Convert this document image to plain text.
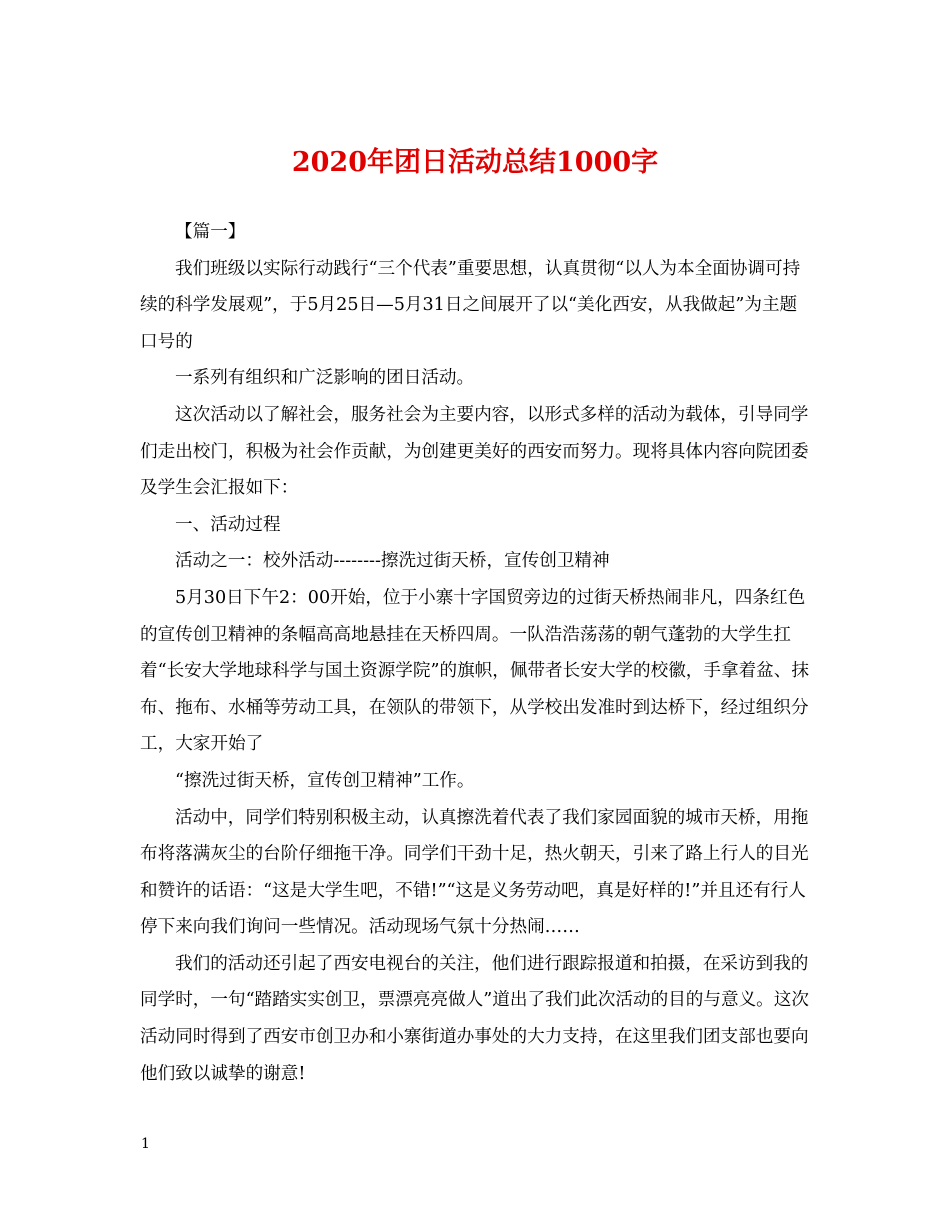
2020年团日活动总结1000字

【篇一】

我们班级以实际行动践行“三个代表”重要思想，认真贯彻“以人为本全面协调可持续的科学发展观”，于5月25日—5月31日之间展开了以“美化西安，从我做起”为主题口号的

一系列有组织和广泛影响的团日活动。

这次活动以了解社会，服务社会为主要内容，以形式多样的活动为载体，引导同学们走出校门，积极为社会作贡献，为创建更美好的西安而努力。现将具体内容向院团委及学生会汇报如下：

一、活动过程

活动之一：校外活动--------擦洗过街天桥，宣传创卫精神

5月30日下午2：00开始，位于小寨十字国贸旁边的过街天桥热闹非凡，四条红色的宣传创卫精神的条幅高高地悬挂在天桥四周。一队浩浩荡荡的朝气蓬勃的大学生扛着“长安大学地球科学与国土资源学院”的旗帜，佩带者长安大学的校徽，手拿着盆、抹布、拖布、水桶等劳动工具，在领队的带领下，从学校出发准时到达桥下，经过组织分工，大家开始了

“擦洗过街天桥，宣传创卫精神”工作。

活动中，同学们特别积极主动，认真擦洗着代表了我们家园面貌的城市天桥，用拖布将落满灰尘的台阶仔细拖干净。同学们干劲十足，热火朝天，引来了路上行人的目光和赞许的话语：“这是大学生吧，不错!”“这是义务劳动吧，真是好样的!”并且还有行人停下来向我们询问一些情况。活动现场气氛十分热闹……

我们的活动还引起了西安电视台的关注，他们进行跟踪报道和拍摄，在采访到我的同学时，一句“踏踏实实创卫，票漂亮亮做人”道出了我们此次活动的目的与意义。这次活动同时得到了西安市创卫办和小寨街道办事处的大力支持，在这里我们团支部也要向他们致以诚挚的谢意!

1
